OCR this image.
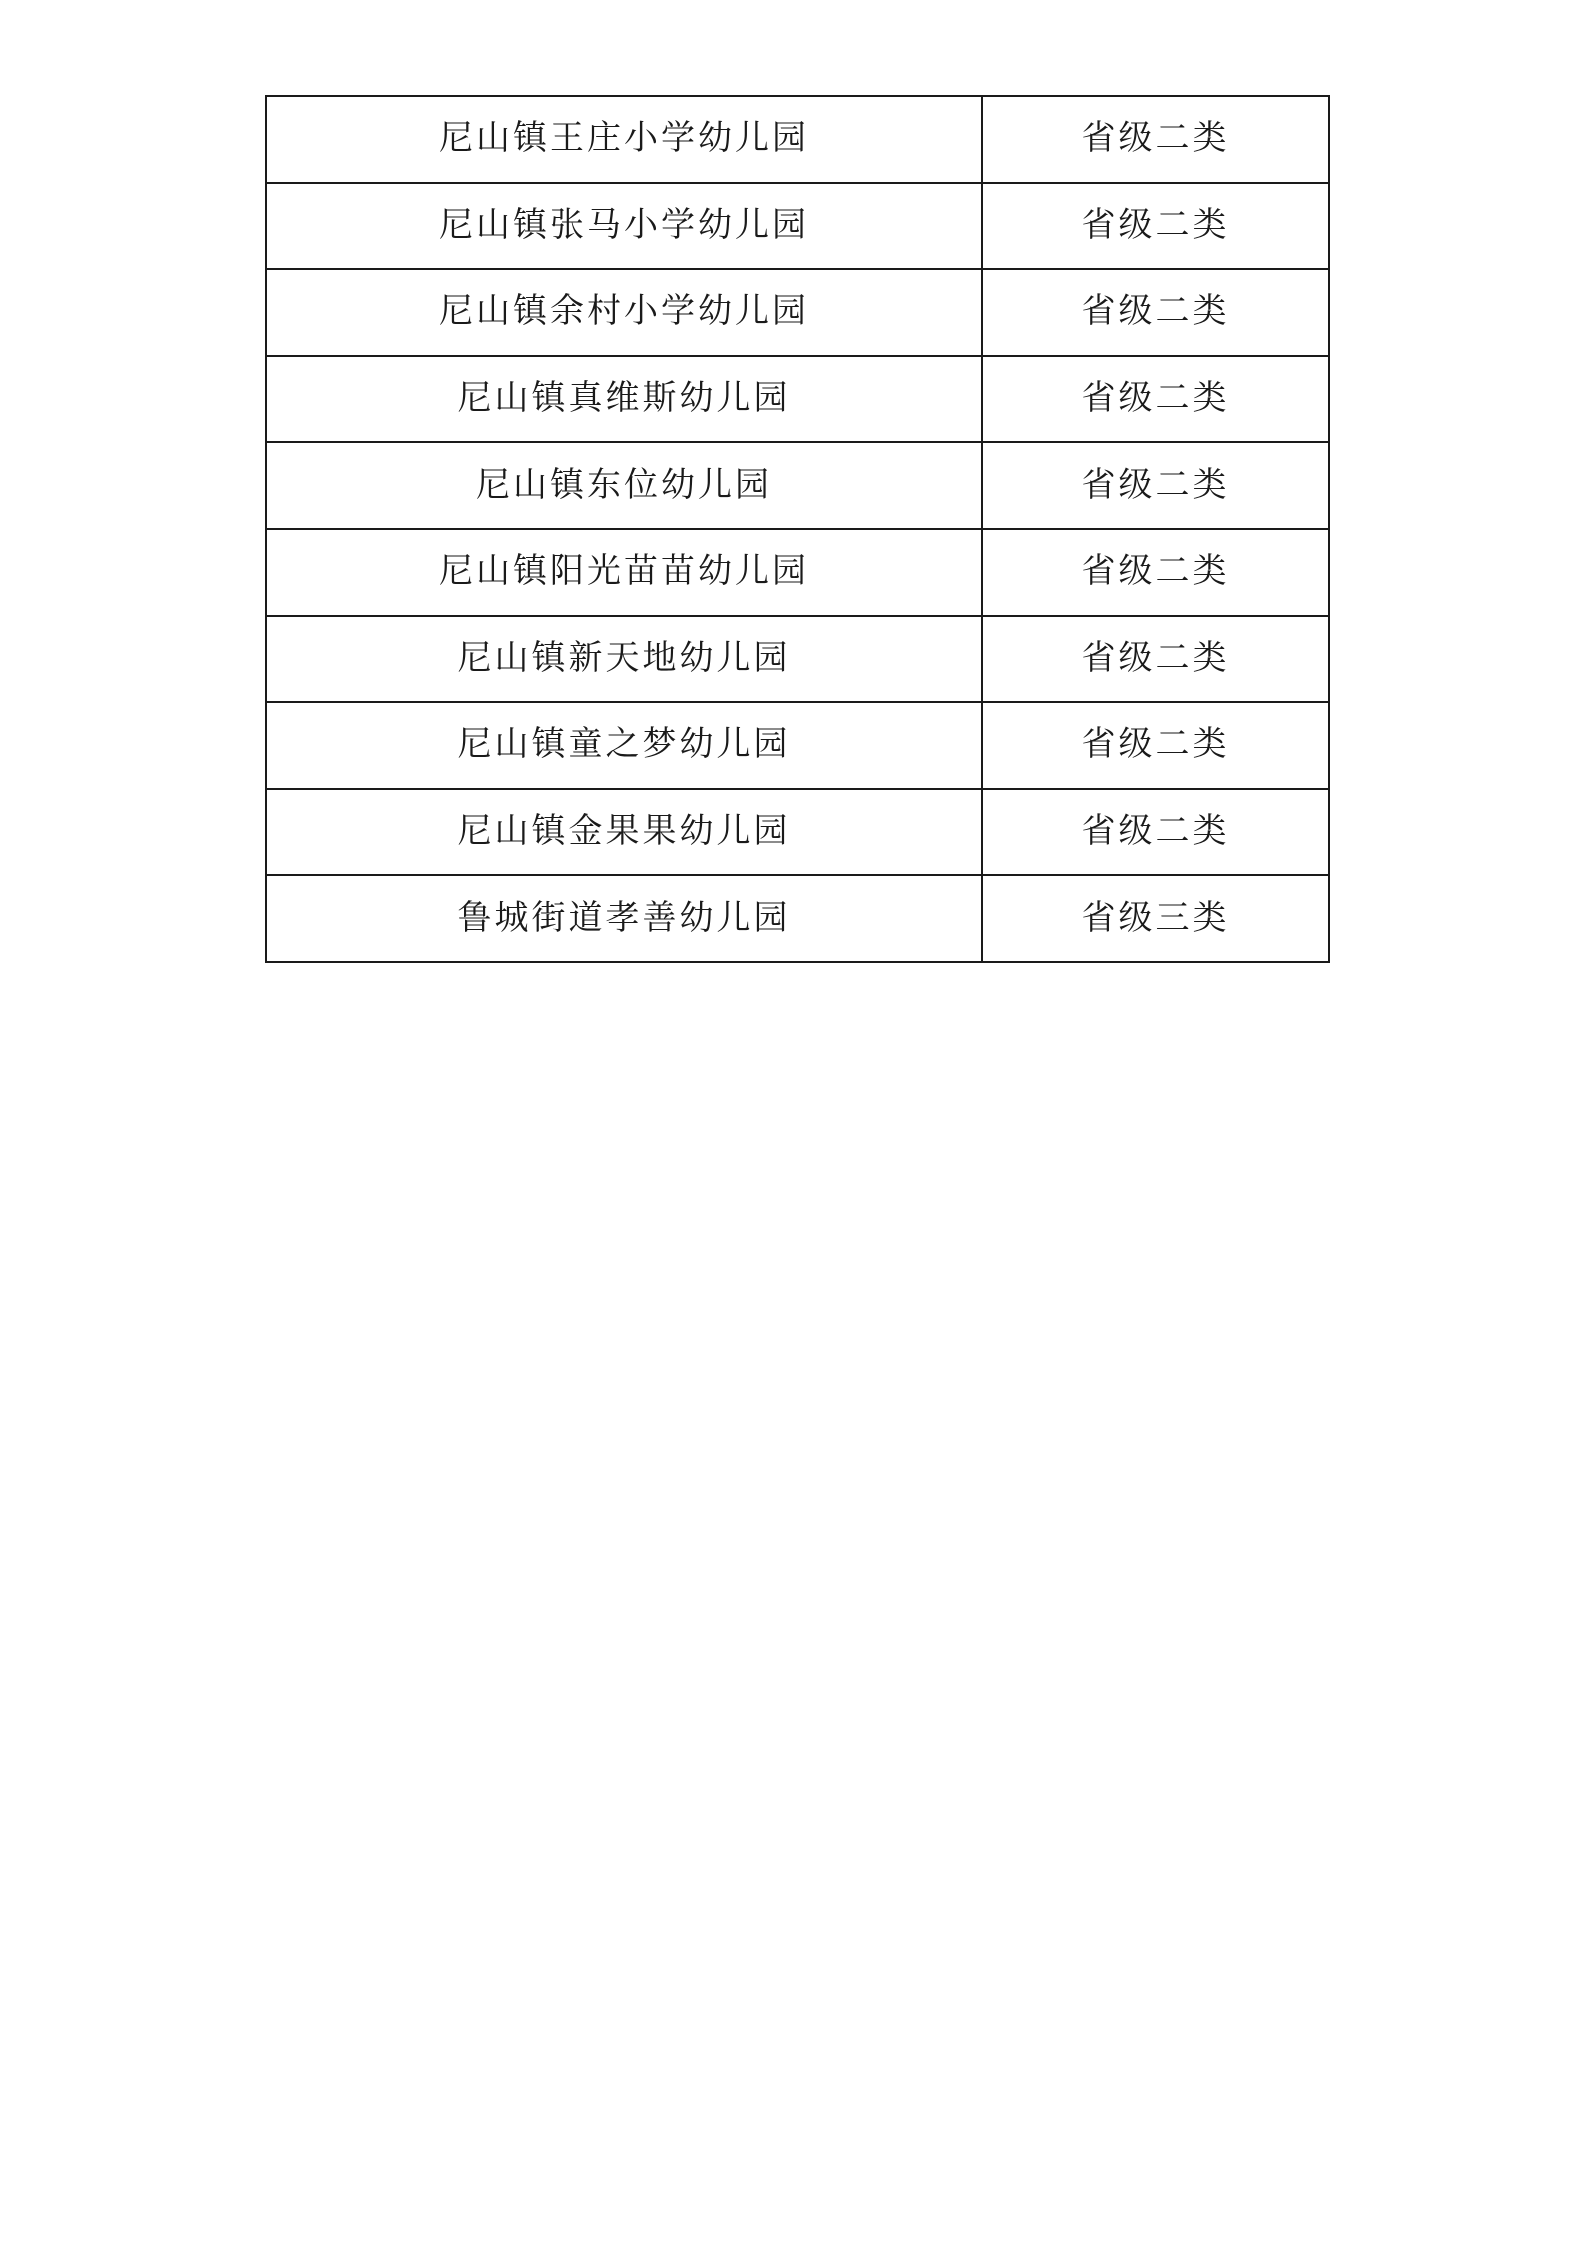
尼山镇王庄小学幼儿园	省级二类
尼山镇张马小学幼儿园	省级二类
尼山镇余村小学幼儿园	省级二类
尼山镇真维斯幼儿园	省级二类
尼山镇东位幼儿园	省级二类
尼山镇阳光苗苗幼儿园	省级二类
尼山镇新天地幼儿园	省级二类
尼山镇童之梦幼儿园	省级二类
尼山镇金果果幼儿园	省级二类
鲁城街道孝善幼儿园	省级三类
